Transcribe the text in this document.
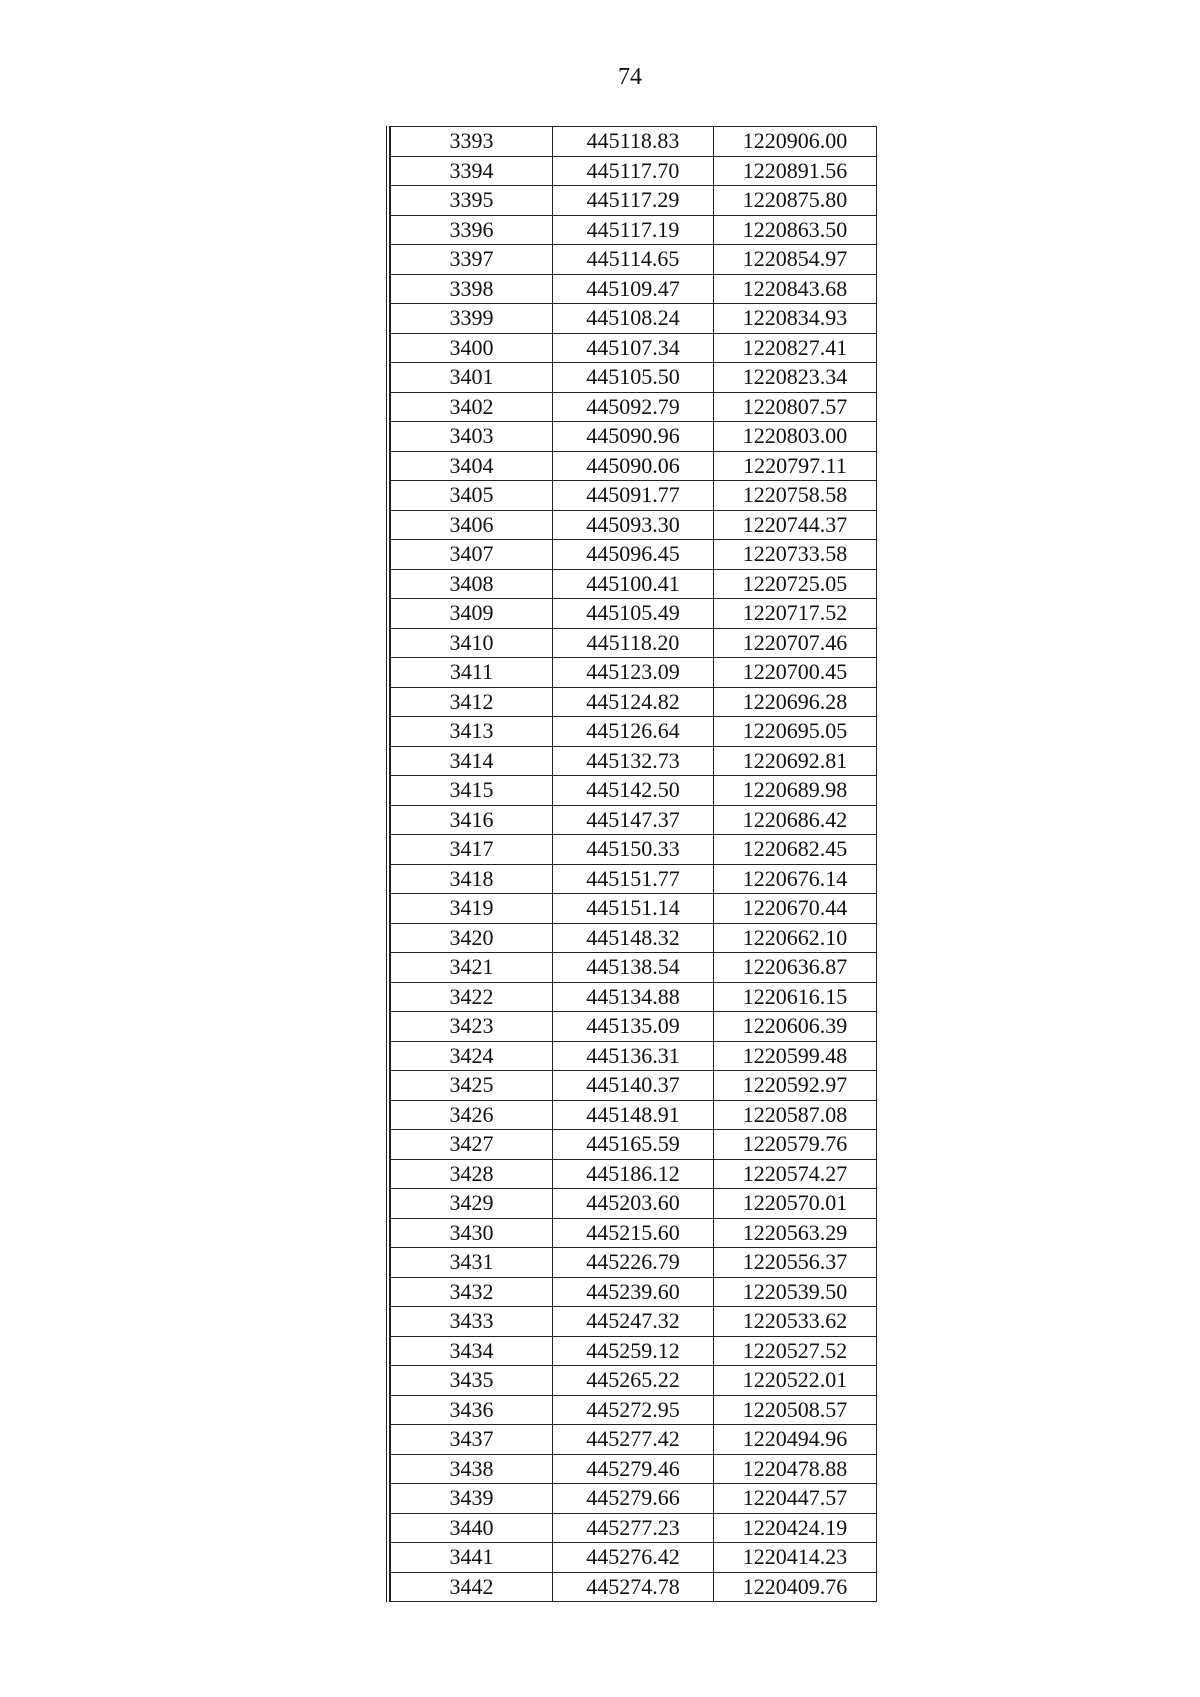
74
3393	445118.83	1220906.00
3394	445117.70	1220891.56
3395	445117.29	1220875.80
3396	445117.19	1220863.50
3397	445114.65	1220854.97
3398	445109.47	1220843.68
3399	445108.24	1220834.93
3400	445107.34	1220827.41
3401	445105.50	1220823.34
3402	445092.79	1220807.57
3403	445090.96	1220803.00
3404	445090.06	1220797.11
3405	445091.77	1220758.58
3406	445093.30	1220744.37
3407	445096.45	1220733.58
3408	445100.41	1220725.05
3409	445105.49	1220717.52
3410	445118.20	1220707.46
3411	445123.09	1220700.45
3412	445124.82	1220696.28
3413	445126.64	1220695.05
3414	445132.73	1220692.81
3415	445142.50	1220689.98
3416	445147.37	1220686.42
3417	445150.33	1220682.45
3418	445151.77	1220676.14
3419	445151.14	1220670.44
3420	445148.32	1220662.10
3421	445138.54	1220636.87
3422	445134.88	1220616.15
3423	445135.09	1220606.39
3424	445136.31	1220599.48
3425	445140.37	1220592.97
3426	445148.91	1220587.08
3427	445165.59	1220579.76
3428	445186.12	1220574.27
3429	445203.60	1220570.01
3430	445215.60	1220563.29
3431	445226.79	1220556.37
3432	445239.60	1220539.50
3433	445247.32	1220533.62
3434	445259.12	1220527.52
3435	445265.22	1220522.01
3436	445272.95	1220508.57
3437	445277.42	1220494.96
3438	445279.46	1220478.88
3439	445279.66	1220447.57
3440	445277.23	1220424.19
3441	445276.42	1220414.23
3442	445274.78	1220409.76
